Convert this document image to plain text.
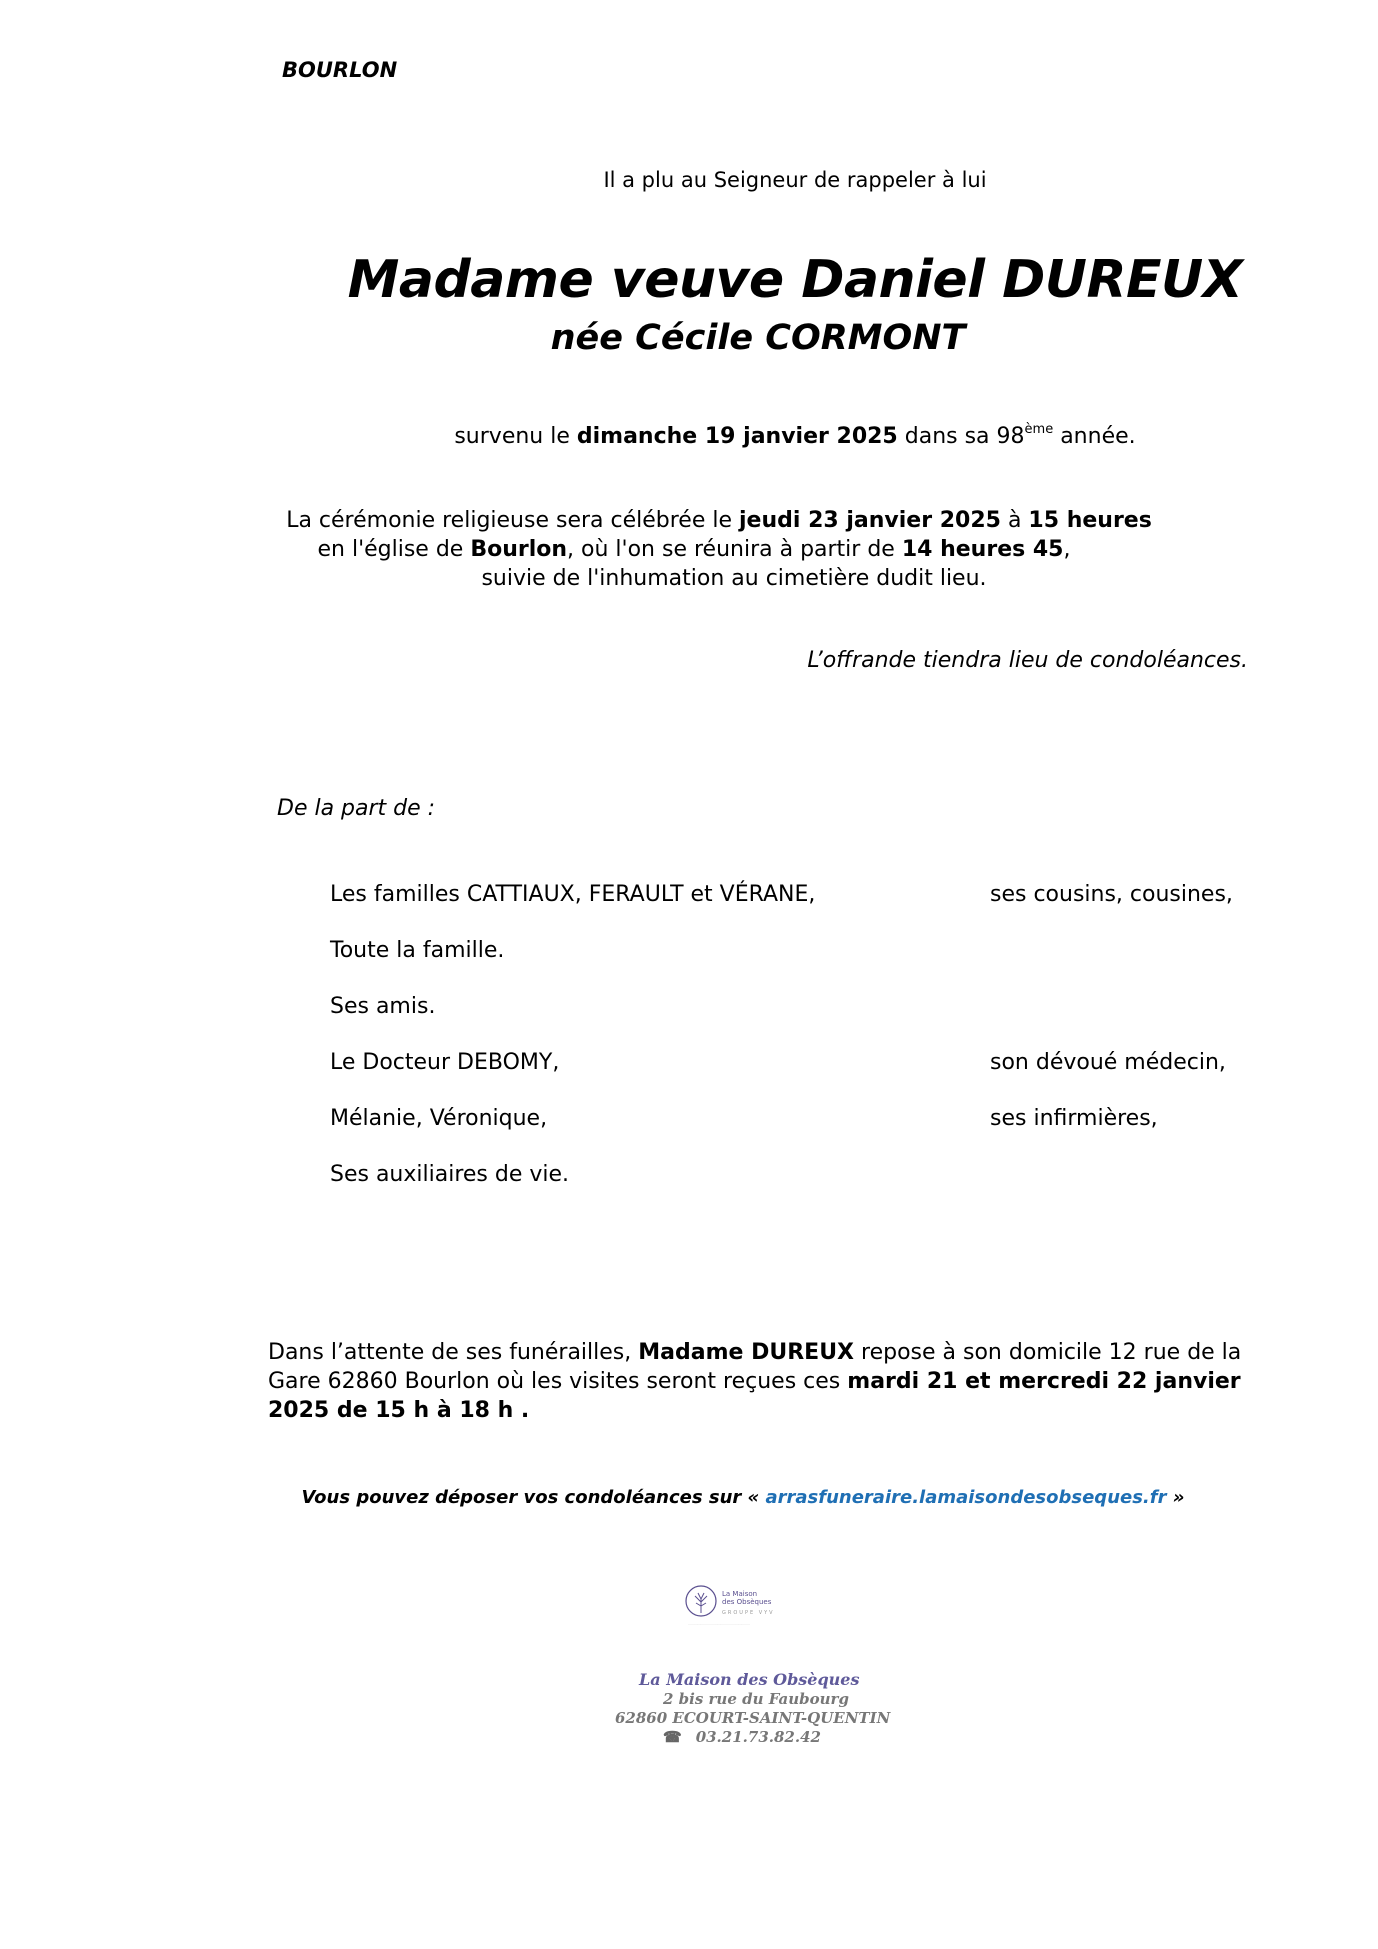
BOURLON
Il a plu au Seigneur de rappeler à lui
Madame veuve Daniel DUREUX
née Cécile CORMONT
survenu le dimanche 19 janvier 2025 dans sa 98ème année.
La cérémonie religieuse sera célébrée le jeudi 23 janvier 2025 à 15 heures
en l'église de Bourlon, où l'on se réunira à partir de 14 heures 45,
suivie de l'inhumation au cimetière dudit lieu.
L’offrande tiendra lieu de condoléances.
De la part de :
Les familles CATTIAUX, FERAULT et VÉRANE,	ses cousins, cousines,
Toute la famille.
Ses amis.
Le Docteur DEBOMY,	son dévoué médecin,
Mélanie, Véronique,	ses infirmières,
Ses auxiliaires de vie.
Dans l’attente de ses funérailles, Madame DUREUX repose à son domicile 12 rue de la Gare 62860 Bourlon où les visites seront reçues ces mardi 21 et mercredi 22 janvier 2025 de 15 h à 18 h .
Vous pouvez déposer vos condoléances sur « arrasfuneraire.lamaisondesobseques.fr »
La Maison
des Obsèques
GROUPE VYV
.................................................................
La Maison des Obsèques
2 bis rue du Faubourg
62860 ECOURT-SAINT-QUENTIN
☎ 03.21.73.82.42
